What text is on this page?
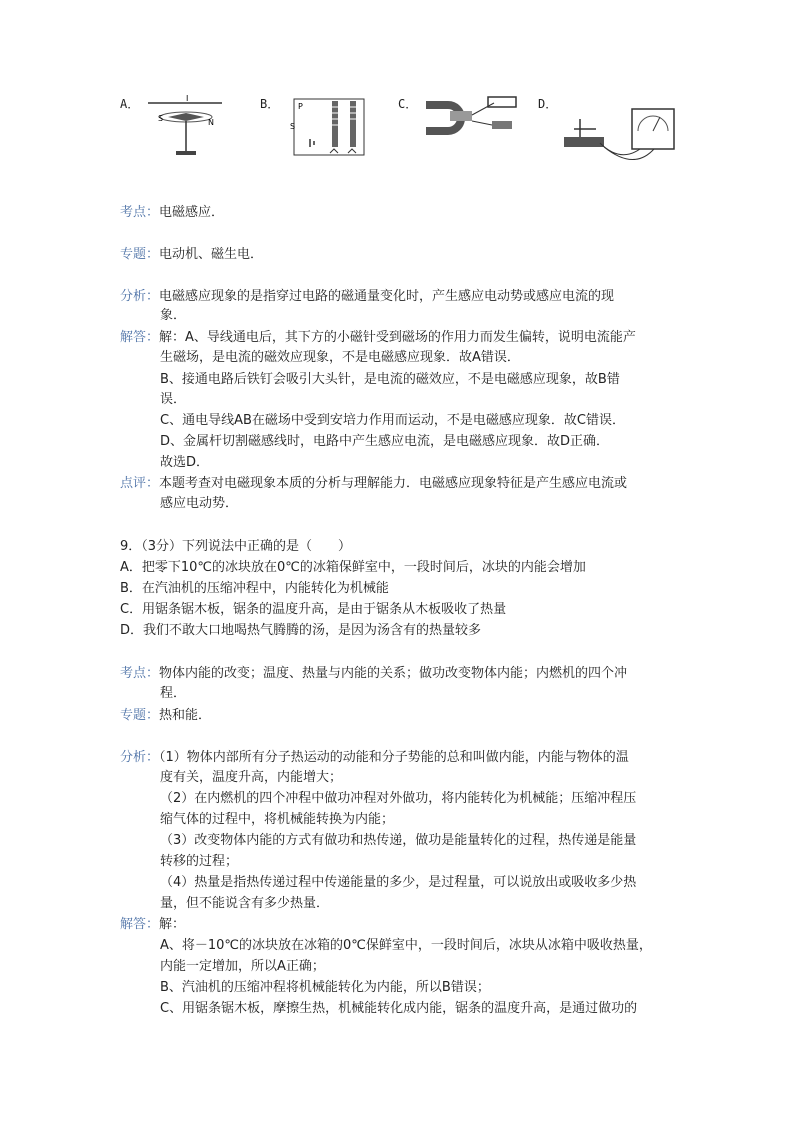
A．	I
S	N
B． P
S
C．	D．
考点：电磁感应．
专题：电动机、磁生电．
分析：电磁感应现象的是指穿过电路的磁通量变化时，产生感应电动势或感应电流的现
象．
解答：解：A、导线通电后，其下方的小磁针受到磁场的作用力而发生偏转，说明电流能产
生磁场，是电流的磁效应现象，不是电磁感应现象．故A错误．
B、接通电路后铁钉会吸引大头针，是电流的磁效应，不是电磁感应现象，故B错
误．
C、通电导线AB在磁场中受到安培力作用而运动，不是电磁感应现象．故C错误．
D、金属杆切割磁感线时，电路中产生感应电流，是电磁感应现象．故D正确．
故选D．
点评：本题考查对电磁现象本质的分析与理解能力．电磁感应现象特征是产生感应电流或
感应电动势．
9．（3分）下列说法中正确的是（　　）
A．把零下10℃的冰块放在0℃的冰箱保鲜室中，一段时间后，冰块的内能会增加
B．在汽油机的压缩冲程中，内能转化为机械能
C．用锯条锯木板，锯条的温度升高，是由于锯条从木板吸收了热量
D．我们不敢大口地喝热气腾腾的汤，是因为汤含有的热量较多
考点：物体内能的改变；温度、热量与内能的关系；做功改变物体内能；内燃机的四个冲
程．
专题：热和能．
分析：（1）物体内部所有分子热运动的动能和分子势能的总和叫做内能，内能与物体的温
度有关，温度升高，内能增大；
（2）在内燃机的四个冲程中做功冲程对外做功，将内能转化为机械能；压缩冲程压
缩气体的过程中，将机械能转换为内能；
（3）改变物体内能的方式有做功和热传递，做功是能量转化的过程，热传递是能量
转移的过程；
（4）热量是指热传递过程中传递能量的多少，是过程量，可以说放出或吸收多少热
量，但不能说含有多少热量．
解答：解：
A、将－10℃的冰块放在冰箱的0℃保鲜室中，一段时间后，冰块从冰箱中吸收热量，
内能一定增加，所以A正确；
B、汽油机的压缩冲程将机械能转化为内能，所以B错误；
C、用锯条锯木板，摩擦生热，机械能转化成内能，锯条的温度升高，是通过做功的
